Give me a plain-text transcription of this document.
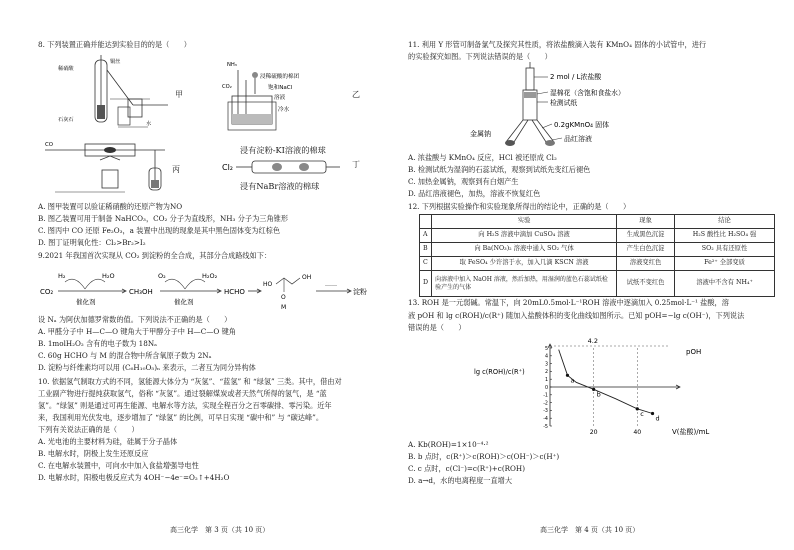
8. 下列装置正确并能达到实验目的的是（　　）
稀硝酸
铜丝
石灰石
水
甲
NH₃
CO₂
浸稀硫酸的棉团
饱和NaCl
溶液
冷水
乙
CO
丙
浸有淀粉-KI溶液的棉球
Cl₂
浸有NaBr溶液的棉球
丁
A. 图甲装置可以验证稀硝酸的还原产物为NO
B. 图乙装置可用于制备 NaHCO₃，CO₂ 分子为直线形，NH₃ 分子为三角锥形
C. 图丙中 CO 还原 Fe₂O₃，a 装置中出现的现象是其中黑色固体变为红棕色
D. 图丁证明氧化性：Cl₂>Br₂>I₂
9.2021 年我国首次实现从 CO₂ 到淀粉的全合成，其部分合成路线如下：
CO₂
H₂	H₂O
催化剂
CH₃OH
O₂	H₂O₂
催化剂
HCHO
HO
OH
O
M
……
淀粉
设 Nₐ 为阿伏加德罗常数的值。下列说法不正确的是（　　）
A. 甲醛分子中 H—C—O 键角大于甲醇分子中 H—C—O 键角
B. 1molH₂O₂ 含有的电子数为 18Nₐ
C. 60g HCHO 与 M 的混合物中所含氧原子数为 2Nₐ
D. 淀粉与纤维素均可以用 (C₆H₁₀O₅)ₙ 来表示，二者互为同分异构体
10. 依据氢气制取方式的不同，氢能源大体分为 “灰氢”、“蓝氢” 和 “绿氢” 三类。其中，借由对
工业副产物进行提纯获取氢气，俗称 “灰氢”。通过裂解煤炭或者天然气所得的氢气，是 “蓝
氢”。“绿氢” 则是通过可再生能源、电解水等方法，实现全程百分之百零碳排、零污染。近年
来，我国利用光伏发电，逐步增加了 “绿氢” 的比例，可早日实现 “碳中和” 与 “碳达峰”。
下列有关说法正确的是（　　）
A. 光电池的主要材料为硅，硅属于分子晶体
B. 电解水时，阴极上发生还原反应
C. 在电解水装置中，可向水中加入食盐增强导电性
D. 电解水时，阳极电极反应式为 4OH⁻−4e⁻=O₂↑+4H₂O
高三化学　第 3 页（共 10 页）
11. 利用 Y 形管可制备氯气及探究其性质，将浓盐酸滴入装有 KMnO₄ 固体的小试管中，进行
的实验探究如图。下列说法错误的是（　　）
2 mol / L浓盐酸
湿棉花（含饱和食盐水）
检测试纸
0.2gKMnO₄ 固体
金属钠
品红溶液
A. 浓盐酸与 KMnO₄ 反应，HCl 被还原成 Cl₂
B. 检测试纸为湿润的石蕊试纸，观察到试纸先变红后褪色
C. 加热金属钠，观察到有白烟产生
D. 品红溶液褪色，加热，溶液不恢复红色
12. 下列根据实验操作和实验现象所得出的结论中，正确的是（　　）
	实验	现象	结论
A	向 H₂S 溶液中滴加 CuSO₄ 溶液	生成黑色沉淀	H₂S 酸性比 H₂SO₄ 强
B	向 Ba(NO₃)₂ 溶液中通入 SO₂ 气体	产生白色沉淀	SO₂ 具有还原性
C	取 FeSO₄ 少许溶于水，加入几滴 KSCN 溶液	溶液变红色	Fe²⁺ 全部变质
D	向溶液中加入 NaOH 溶液，然后加热，用湿润的蓝色石蕊试纸检验产生的气体	试纸不变红色	溶液中不含有 NH₄⁺
13. ROH 是一元弱碱。常温下，向 20mL0.5mol·L⁻¹ROH 溶液中逐滴加入 0.25mol·L⁻¹ 盐酸，溶
液 pOH 和 lg c(ROH)/c(R⁺) 随加入盐酸体积的变化曲线如图所示。已知 pOH=−lg c(OH⁻)，下列说法
错误的是（　　）
5
4
3
2
1
0
-1
-2
-3
-4
-5
20	40
a
b
c
d
V(盐酸)/mL
pOH
lg c(ROH)/c(R⁺)
4.2
A. Kb(ROH)=1×10⁻⁴·²
B. b 点时，c(R⁺)＞c(ROH)＞c(OH⁻)＞c(H⁺)
C. c 点时，c(Cl⁻)=c(R⁺)+c(ROH)
D. a→d，水的电离程度一直增大
高三化学　第 4 页（共 10 页）
